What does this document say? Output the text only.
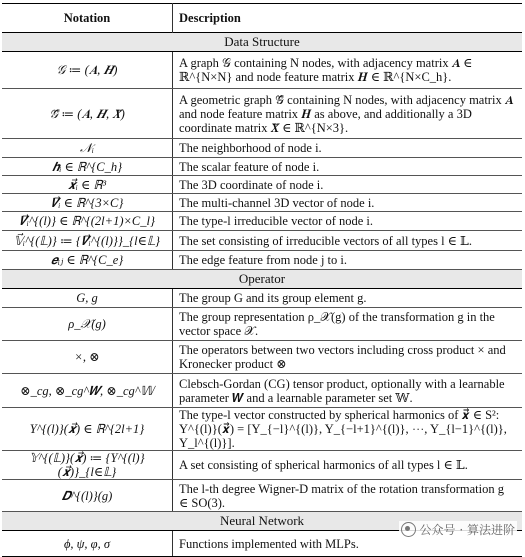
Notation	Description
Data Structure	
𝒢 ≔ (𝑨, 𝑯)	A graph 𝒢 containing N nodes, with adjacency matrix 𝑨 ∈ ℝ^{N×N} and node feature matrix 𝑯 ∈ ℝ^{N×C_h}.
𝒢⃗ ≔ (𝑨, 𝑯, 𝑿⃗)	A geometric graph 𝒢⃗ containing N nodes, with adjacency matrix 𝑨 and node feature matrix 𝑯 as above, and additionally a 3D coordinate matrix 𝑿⃗ ∈ ℝ^{N×3}.
𝒩ᵢ	The neighborhood of node i.
𝒉ᵢ ∈ ℝ^{C_h}	The scalar feature of node i.
𝒙⃗ᵢ ∈ ℝ³	The 3D coordinate of node i.
𝑽⃗ᵢ ∈ ℝ^{3×C}	The multi-channel 3D vector of node i.
𝑽⃗ᵢ^{(l)} ∈ ℝ^{(2l+1)×C_l}	The type-l irreducible vector of node i.
𝕍⃗ᵢ^{(𝕃)} ≔ {𝑽⃗ᵢ^{(l)}}_{l∈𝕃}	The set consisting of irreducible vectors of all types l ∈ 𝕃.
𝒆ᵢⱼ ∈ ℝ^{C_e}	The edge feature from node j to i.
Operator	
G, g	The group G and its group element g.
ρ_𝒳(g)	The group representation ρ_𝒳(g) of the transformation g in the vector space 𝒳.
×, ⊗	The operators between two vectors including cross product × and Kronecker product ⊗
⊗_cg, ⊗_cg^𝑾, ⊗_cg^𝕎	Clebsch-Gordan (CG) tensor product, optionally with a learnable parameter 𝑾 and a learnable parameter set 𝕎.
Y^{(l)}(𝒙⃗) ∈ ℝ^{2l+1}	The type-l vector constructed by spherical harmonics of 𝒙⃗ ∈ S²: Y^{(l)}(𝒙⃗) = [Y_{−l}^{(l)}, Y_{−l+1}^{(l)}, ⋯, Y_{l−1}^{(l)}, Y_l^{(l)}].
𝕐^{(𝕃)}(𝒙⃗) ≔ {Y^{(l)}(𝒙⃗)}_{l∈𝕃}	A set consisting of spherical harmonics of all types l ∈ 𝕃.
𝑫^{(l)}(g)	The l-th degree Wigner-D matrix of the rotation transformation g ∈ SO(3).
Neural Network	
ϕ, ψ, φ, σ	Functions implemented with MLPs.
公众号 · 算法进阶
